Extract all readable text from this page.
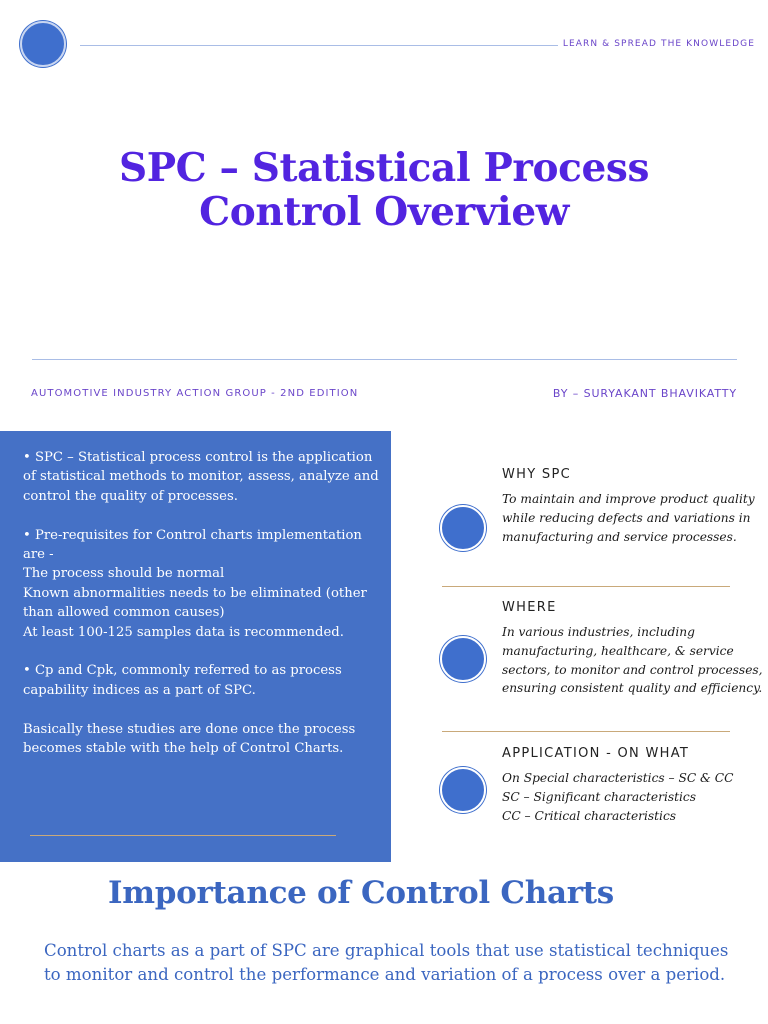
LEARN & SPREAD THE KNOWLEDGE
SPC – Statistical Process Control Overview
AUTOMOTIVE INDUSTRY ACTION GROUP - 2ND EDITION	BY – SURYAKANT BHAVIKATTY

• SPC – Statistical process control is the application of statistical methods to monitor, assess, analyze and control the quality of processes.

• Pre-requisites for Control charts implementation are -

The process should be normal

Known abnormalities needs to be eliminated (other than allowed common causes)

At least 100-125 samples data is recommended.

• Cp and Cpk, commonly referred to as process capability indices as a part of SPC.

Basically these studies are done once the process becomes stable with the help of Control Charts.

WHY SPC

To maintain and improve product quality while reducing defects and variations in manufacturing and service processes.

WHERE

In various industries, including manufacturing, healthcare, & service sectors, to monitor and control processes, ensuring consistent quality and efficiency.

APPLICATION - ON WHAT

On Special characteristics – SC & CC

SC – Significant characteristics

CC – Critical characteristics

Importance of Control Charts

Control charts as a part of SPC are graphical tools that use statistical techniques to monitor and control the performance and variation of a process over a period.
